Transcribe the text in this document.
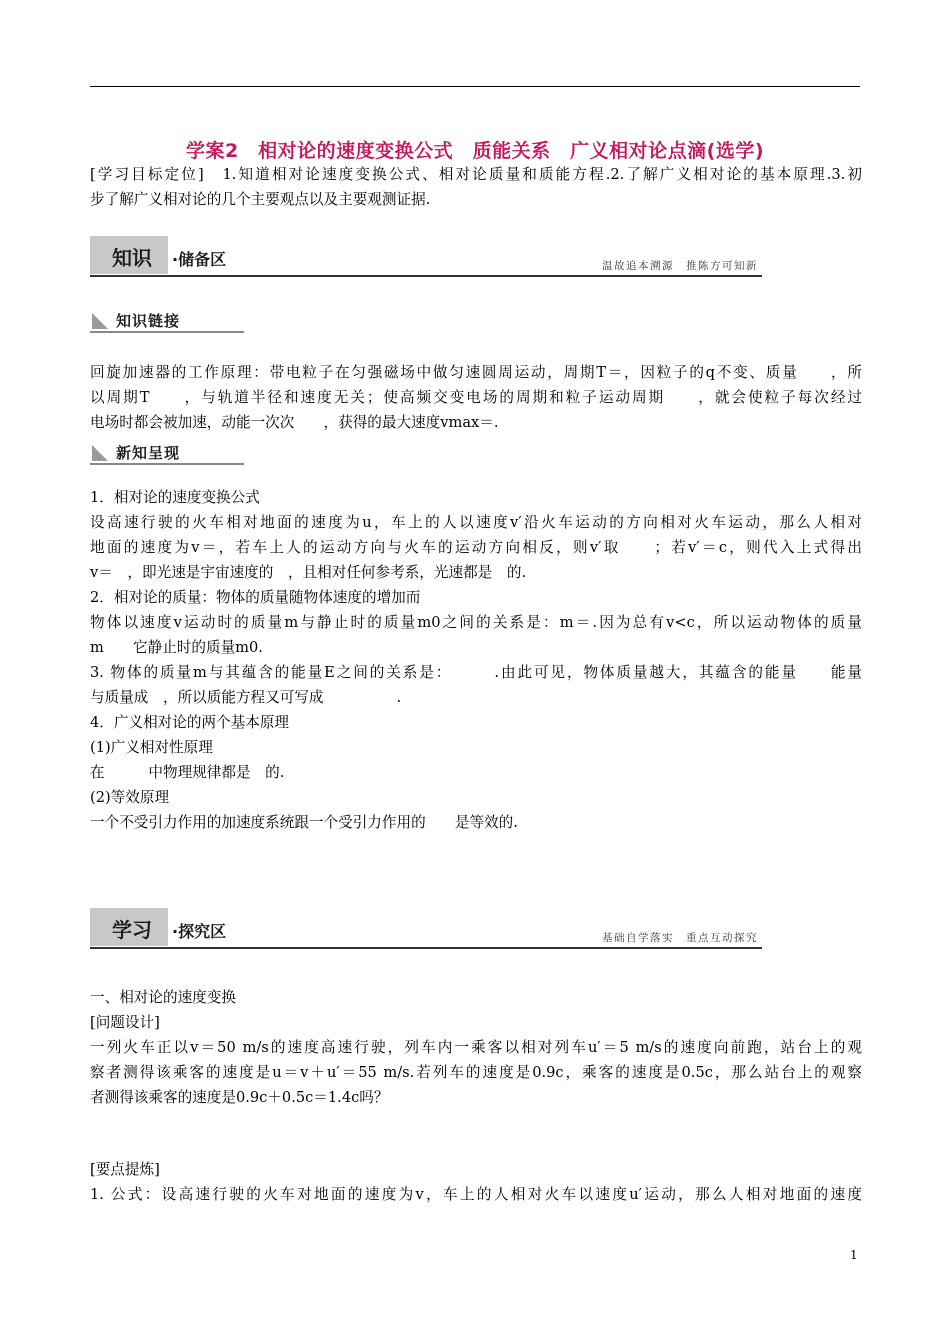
学案2　相对论的速度变换公式　质能关系　广义相对论点滴(选学)
[学习目标定位]　1.知道相对论速度变换公式、相对论质量和质能方程.2.了解广义相对论的基本原理.3.初
步了解广义相对论的几个主要观点以及主要观测证据.
知识 ·储备区	温故追本溯源　推陈方可知新
知识链接
回旋加速器的工作原理：带电粒子在匀强磁场中做匀速圆周运动，周期T＝，因粒子的q不变、质量　　，所
以周期T　　，与轨道半径和速度无关；使高频交变电场的周期和粒子运动周期　　，就会使粒子每次经过
电场时都会被加速，动能一次次　　，获得的最大速度vmax＝.
新知呈现
1．相对论的速度变换公式
设高速行驶的火车相对地面的速度为u，车上的人以速度v′沿火车运动的方向相对火车运动，那么人相对
地面的速度为v＝，若车上人的运动方向与火车的运动方向相反，则v′取　　；若v′＝c，则代入上式得出
v＝　，即光速是宇宙速度的　，且相对任何参考系，光速都是　的.
2．相对论的质量：物体的质量随物体速度的增加而
物体以速度v运动时的质量m与静止时的质量m0之间的关系是：m＝.因为总有v<c，所以运动物体的质量
m　　它静止时的质量m0.
3. 物体的质量m与其蕴含的能量E之间的关系是：　　　.由此可见，物体质量越大，其蕴含的能量　　能量
与质量成　，所以质能方程又可写成　　　　　.
4．广义相对论的两个基本原理
(1)广义相对性原理
在　　　中物理规律都是　的.
(2)等效原理
一个不受引力作用的加速度系统跟一个受引力作用的　　是等效的.
学习 ·探究区	基础自学落实　重点互动探究
一、相对论的速度变换
[问题设计]
一列火车正以v＝50 m/s的速度高速行驶，列车内一乘客以相对列车u′＝5 m/s的速度向前跑，站台上的观
察者测得该乘客的速度是u＝v＋u′＝55 m/s.若列车的速度是0.9c，乘客的速度是0.5c，那么站台上的观察
者测得该乘客的速度是0.9c＋0.5c＝1.4c吗？
[要点提炼]
1. 公式：设高速行驶的火车对地面的速度为v，车上的人相对火车以速度u′运动，那么人相对地面的速度
1
